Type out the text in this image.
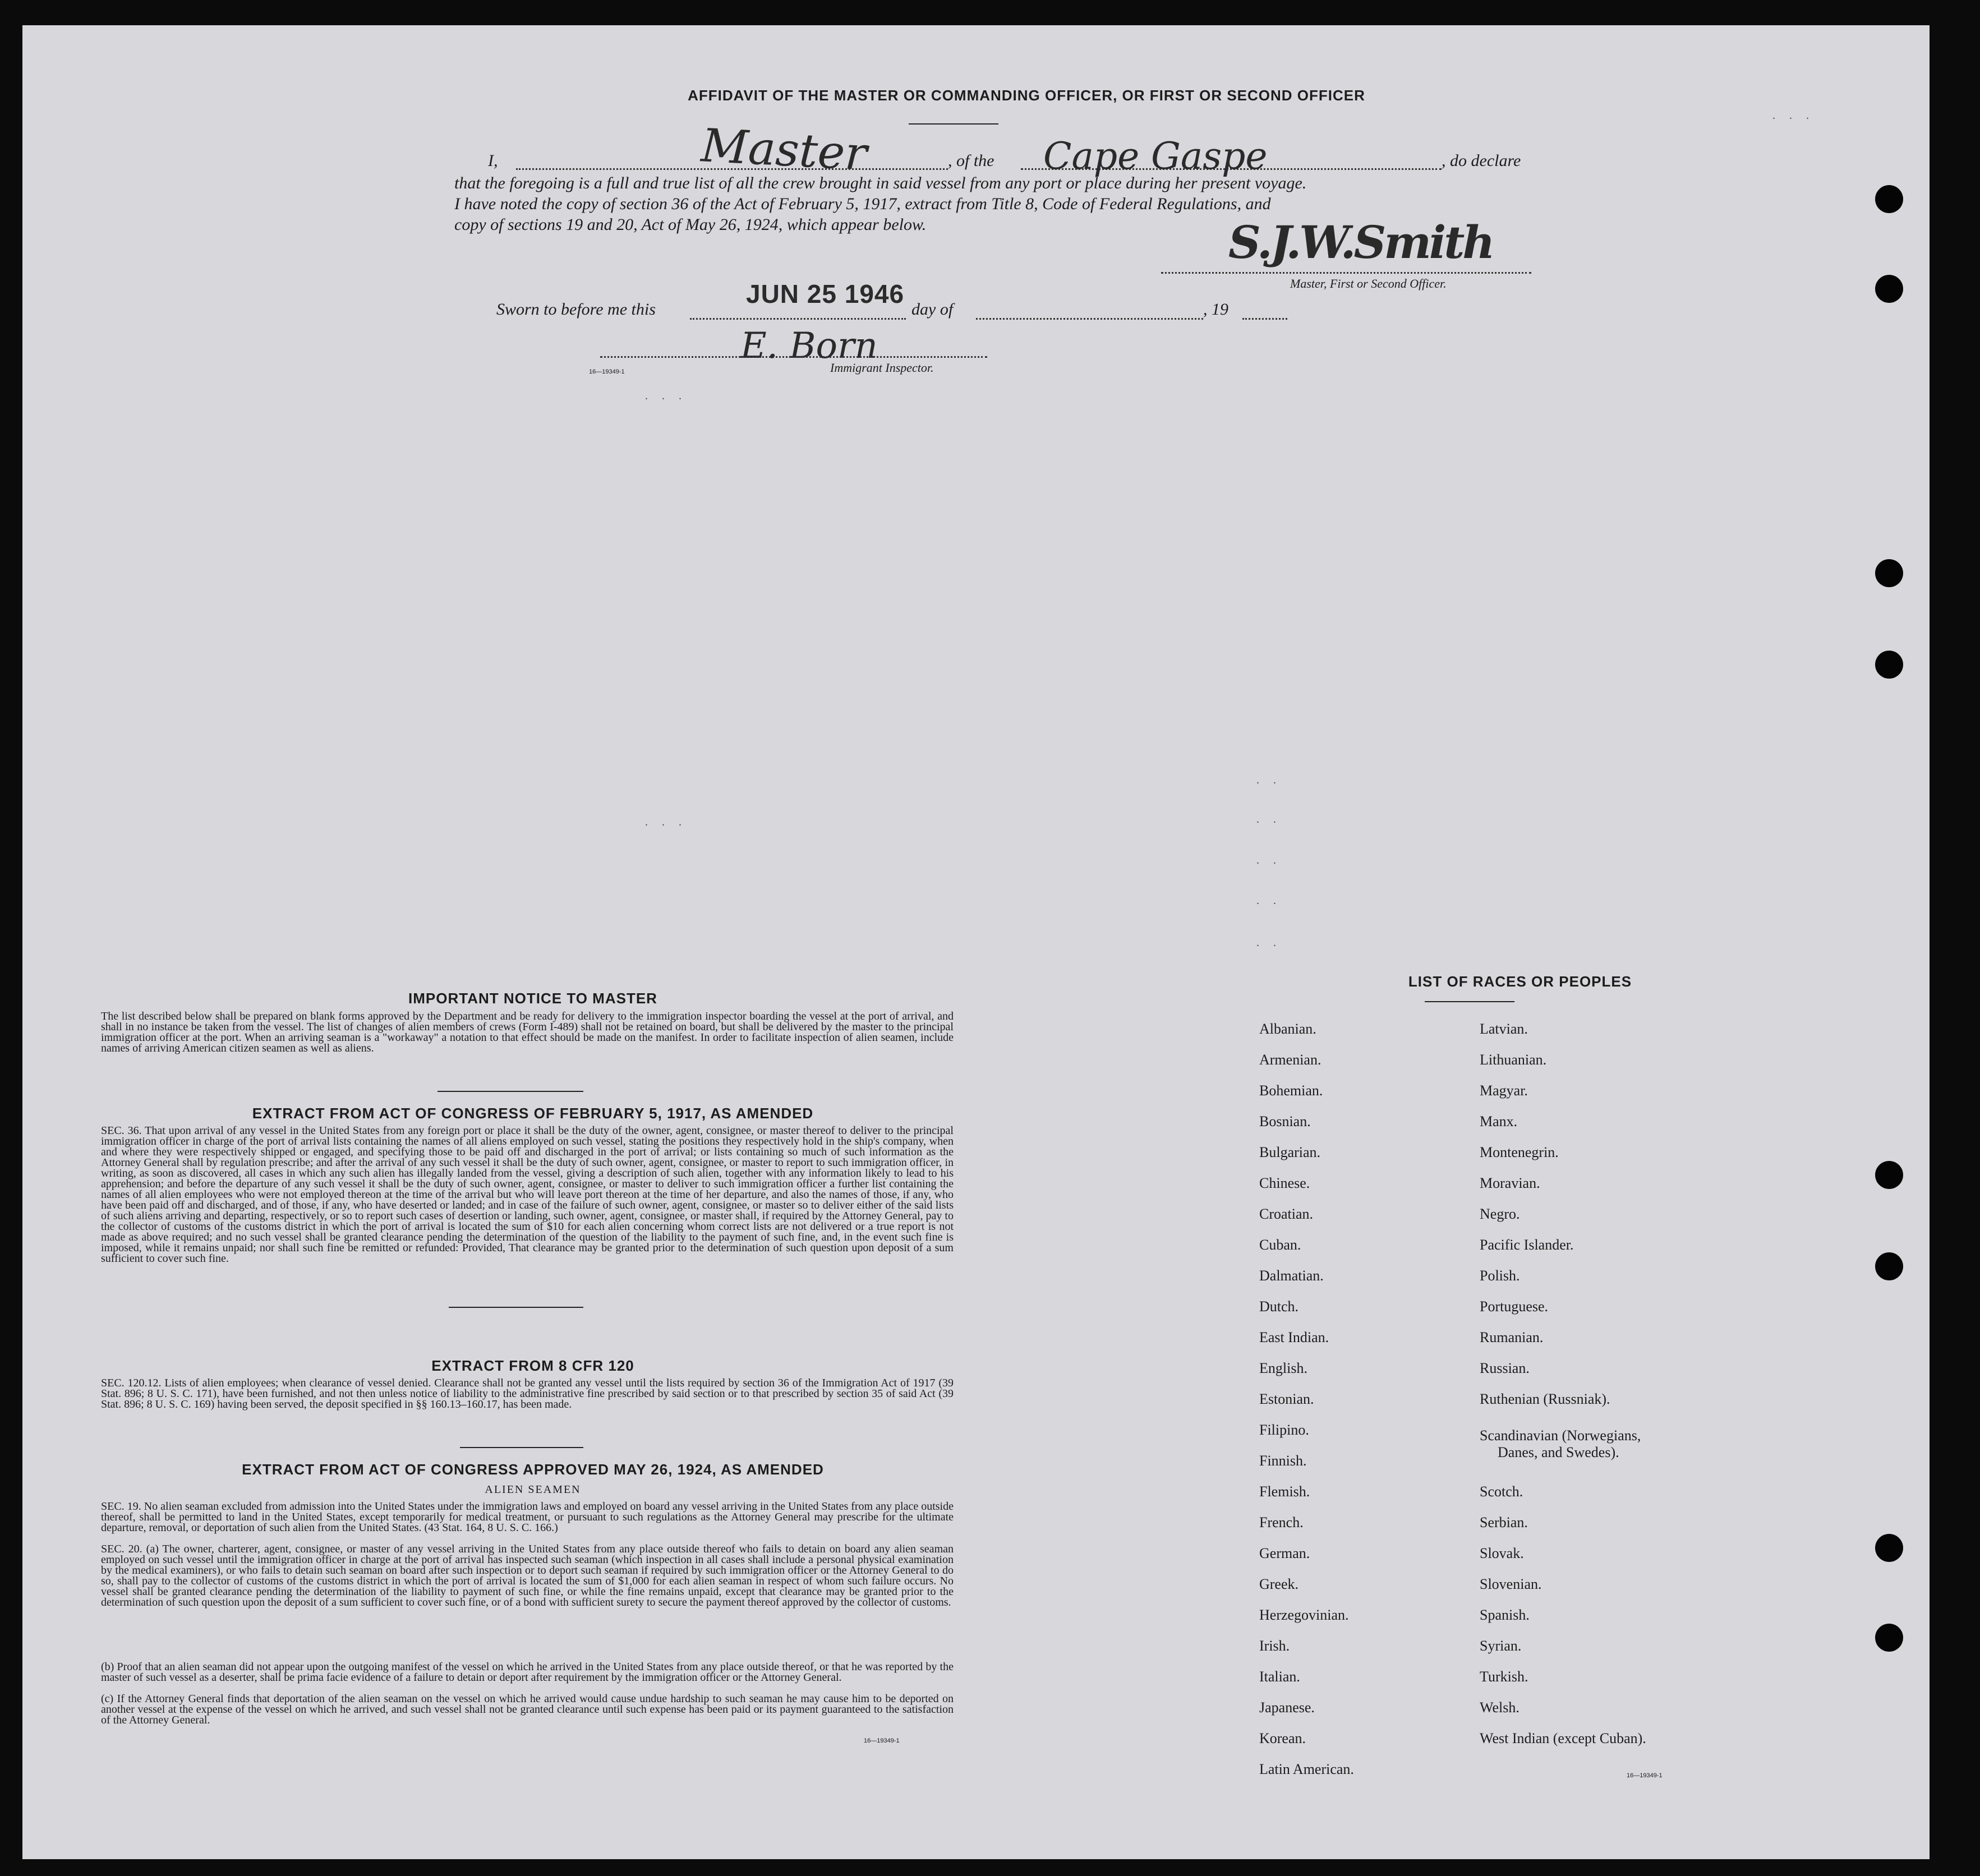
AFFIDAVIT OF THE MASTER OR COMMANDING OFFICER, OR FIRST OR SECOND OFFICER
I,	Master	, of the Cape Gaspe	, do declare
that the foregoing is a full and true list of all the crew brought in said vessel from any port or place during her present voyage.
I have noted the copy of section 36 of the Act of February 5, 1917, extract from Title 8, Code of Federal Regulations, and
copy of sections 19 and 20, Act of May 26, 1924, which appear below.	S.J.W.Smith
Master, First or Second Officer.
Sworn to before me this
JUN 25 1946
day of	, 19
E. Born
Immigrant Inspector.
16—19349-1
. . .
. . .
. .
. .
. .
. .
. .
. . .
IMPORTANT NOTICE TO MASTER
The list described below shall be prepared on blank forms approved by the Department and be ready for delivery to the immigration inspector boarding the vessel at the port of arrival, and shall in no instance be taken from the vessel. The list of changes of alien members of crews (Form I-489) shall not be retained on board, but shall be delivered by the master to the principal immigration officer at the port. When an arriving seaman is a "workaway" a notation to that effect should be made on the manifest. In order to facilitate inspection of alien seamen, include names of arriving American citizen seamen as well as aliens.
EXTRACT FROM ACT OF CONGRESS OF FEBRUARY 5, 1917, AS AMENDED
SEC. 36. That upon arrival of any vessel in the United States from any foreign port or place it shall be the duty of the owner, agent, consignee, or master thereof to deliver to the principal immigration officer in charge of the port of arrival lists containing the names of all aliens employed on such vessel, stating the positions they respectively hold in the ship's company, when and where they were respectively shipped or engaged, and specifying those to be paid off and discharged in the port of arrival; or lists containing so much of such information as the Attorney General shall by regulation prescribe; and after the arrival of any such vessel it shall be the duty of such owner, agent, consignee, or master to report to such immigration officer, in writing, as soon as discovered, all cases in which any such alien has illegally landed from the vessel, giving a description of such alien, together with any information likely to lead to his apprehension; and before the departure of any such vessel it shall be the duty of such owner, agent, consignee, or master to deliver to such immigration officer a further list containing the names of all alien employees who were not employed thereon at the time of the arrival but who will leave port thereon at the time of her departure, and also the names of those, if any, who have been paid off and discharged, and of those, if any, who have deserted or landed; and in case of the failure of such owner, agent, consignee, or master so to deliver either of the said lists of such aliens arriving and departing, respectively, or so to report such cases of desertion or landing, such owner, agent, consignee, or master shall, if required by the Attorney General, pay to the collector of customs of the customs district in which the port of arrival is located the sum of $10 for each alien concerning whom correct lists are not delivered or a true report is not made as above required; and no such vessel shall be granted clearance pending the determination of the question of the liability to the payment of such fine, and, in the event such fine is imposed, while it remains unpaid; nor shall such fine be remitted or refunded: Provided, That clearance may be granted prior to the determination of such question upon deposit of a sum sufficient to cover such fine.
EXTRACT FROM 8 CFR 120
SEC. 120.12. Lists of alien employees; when clearance of vessel denied. Clearance shall not be granted any vessel until the lists required by section 36 of the Immigration Act of 1917 (39 Stat. 896; 8 U. S. C. 171), have been furnished, and not then unless notice of liability to the administrative fine prescribed by said section or to that prescribed by section 35 of said Act (39 Stat. 896; 8 U. S. C. 169) having been served, the deposit specified in §§ 160.13–160.17, has been made.
EXTRACT FROM ACT OF CONGRESS APPROVED MAY 26, 1924, AS AMENDED
ALIEN SEAMEN
SEC. 19. No alien seaman excluded from admission into the United States under the immigration laws and employed on board any vessel arriving in the United States from any place outside thereof, shall be permitted to land in the United States, except temporarily for medical treatment, or pursuant to such regulations as the Attorney General may prescribe for the ultimate departure, removal, or deportation of such alien from the United States. (43 Stat. 164, 8 U. S. C. 166.)
SEC. 20. (a) The owner, charterer, agent, consignee, or master of any vessel arriving in the United States from any place outside thereof who fails to detain on board any alien seaman employed on such vessel until the immigration officer in charge at the port of arrival has inspected such seaman (which inspection in all cases shall include a personal physical examination by the medical examiners), or who fails to detain such seaman on board after such inspection or to deport such seaman if required by such immigration officer or the Attorney General to do so, shall pay to the collector of customs of the customs district in which the port of arrival is located the sum of $1,000 for each alien seaman in respect of whom such failure occurs. No vessel shall be granted clearance pending the determination of the liability to payment of such fine, or while the fine remains unpaid, except that clearance may be granted prior to the determination of such question upon the deposit of a sum sufficient to cover such fine, or of a bond with sufficient surety to secure the payment thereof approved by the collector of customs.
(b) Proof that an alien seaman did not appear upon the outgoing manifest of the vessel on which he arrived in the United States from any place outside thereof, or that he was reported by the master of such vessel as a deserter, shall be prima facie evidence of a failure to detain or deport after requirement by the immigration officer or the Attorney General.
(c) If the Attorney General finds that deportation of the alien seaman on the vessel on which he arrived would cause undue hardship to such seaman he may cause him to be deported on another vessel at the expense of the vessel on which he arrived, and such vessel shall not be granted clearance until such expense has been paid or its payment guaranteed to the satisfaction of the Attorney General.
16—19349-1
LIST OF RACES OR PEOPLES
Albanian.
Armenian.
Bohemian.
Bosnian.
Bulgarian.
Chinese.
Croatian.
Cuban.
Dalmatian.
Dutch.
East Indian.
English.
Estonian.
Filipino.
Finnish.
Flemish.
French.
German.
Greek.
Herzegovinian.
Irish.
Italian.
Japanese.
Korean.
Latin American.
Latvian.
Lithuanian.
Magyar.
Manx.
Montenegrin.
Moravian.
Negro.
Pacific Islander.
Polish.
Portuguese.
Rumanian.
Russian.
Ruthenian (Russniak).
Scandinavian (Norwegians,
Danes, and Swedes).
Scotch.
Serbian.
Slovak.
Slovenian.
Spanish.
Syrian.
Turkish.
Welsh.
West Indian (except Cuban).
16—19349-1
